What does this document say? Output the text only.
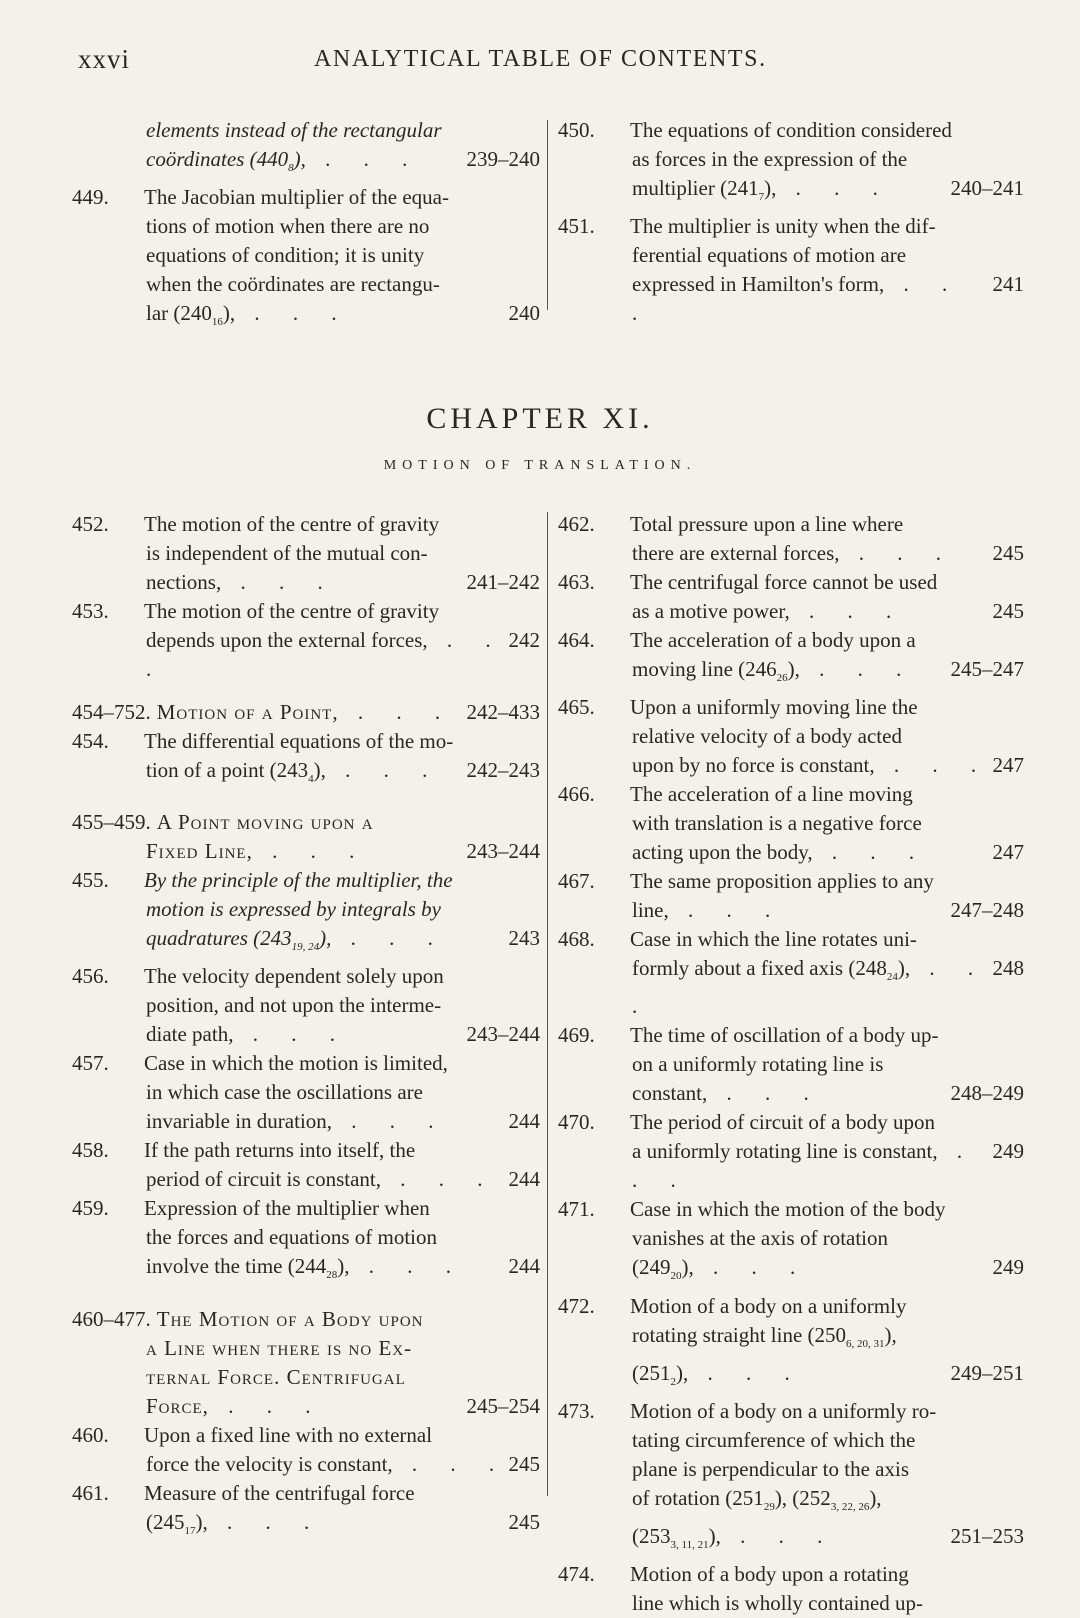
xxvi	ANALYTICAL TABLE OF CONTENTS.
elements instead of the rectangular
239–240
coördinates $(440_8)$, . . .
449. The Jacobian multiplier of the equa-
tions of motion when there are no
equations of condition; it is unity
when the coördinates are rectangu-
240
lar $(240_{16})$, . . .
450. The equations of condition considered
as forces in the expression of the
240–241
multiplier $(241_7)$, . . .
451. The multiplier is unity when the dif-
ferential equations of motion are
241
expressed in Hamilton's form, . . .
CHAPTER XI.
MOTION OF TRANSLATION.
452. The motion of the centre of gravity
is independent of the mutual con-
241–242
nections, . . .
453. The motion of the centre of gravity
242
depends upon the external forces, . . .
242–433
454–752. Motion of a Point, . . .
454. The differential equations of the mo-
242–243
tion of a point $(243_4)$, . . .
455–459. A Point moving upon a
243–244
Fixed Line, . . .
455. By the principle of the multiplier, the
motion is expressed by integrals by
243
quadratures $(243_{19, 24})$, . . .
456. The velocity dependent solely upon
position, and not upon the interme-
243–244
diate path, . . .
457. Case in which the motion is limited,
in which case the oscillations are
244
invariable in duration, . . .
458. If the path returns into itself, the
244
period of circuit is constant, . . .
459. Expression of the multiplier when
the forces and equations of motion
244
involve the time $(244_{28})$, . . .
460–477. The Motion of a Body upon
a Line when there is no Ex-
ternal Force. Centrifugal
245–254
Force, . . .
460. Upon a fixed line with no external
245
force the velocity is constant, . . .
461. Measure of the centrifugal force
245
$(245_{17})$, . . .
462. Total pressure upon a line where
245
there are external forces, . . .
463. The centrifugal force cannot be used
245
as a motive power, . . .
464. The acceleration of a body upon a
245–247
moving line $(246_{26})$, . . .
465. Upon a uniformly moving line the
relative velocity of a body acted
247
upon by no force is constant, . . .
466. The acceleration of a line moving
with translation is a negative force
247
acting upon the body, . . .
467. The same proposition applies to any
247–248
line, . . .
468. Case in which the line rotates uni-
248
formly about a fixed axis $(248_{24})$, . . .
469. The time of oscillation of a body up-
on a uniformly rotating line is
248–249
constant, . . .
470. The period of circuit of a body upon
249
a uniformly rotating line is constant, . . .
471. Case in which the motion of the body
vanishes at the axis of rotation
249
$(249_{20})$, . . .
472. Motion of a body on a uniformly
rotating straight line $(250_{6, 20, 31})$,
249–251
$(251_2)$, . . .
473. Motion of a body on a uniformly ro-
tating circumference of which the
plane is perpendicular to the axis
of rotation $(251_{29})$, $(252_{3, 22, 26})$,
251–253
$(253_{3, 11, 21})$, . . .
474. Motion of a body upon a rotating
line which is wholly contained up-
